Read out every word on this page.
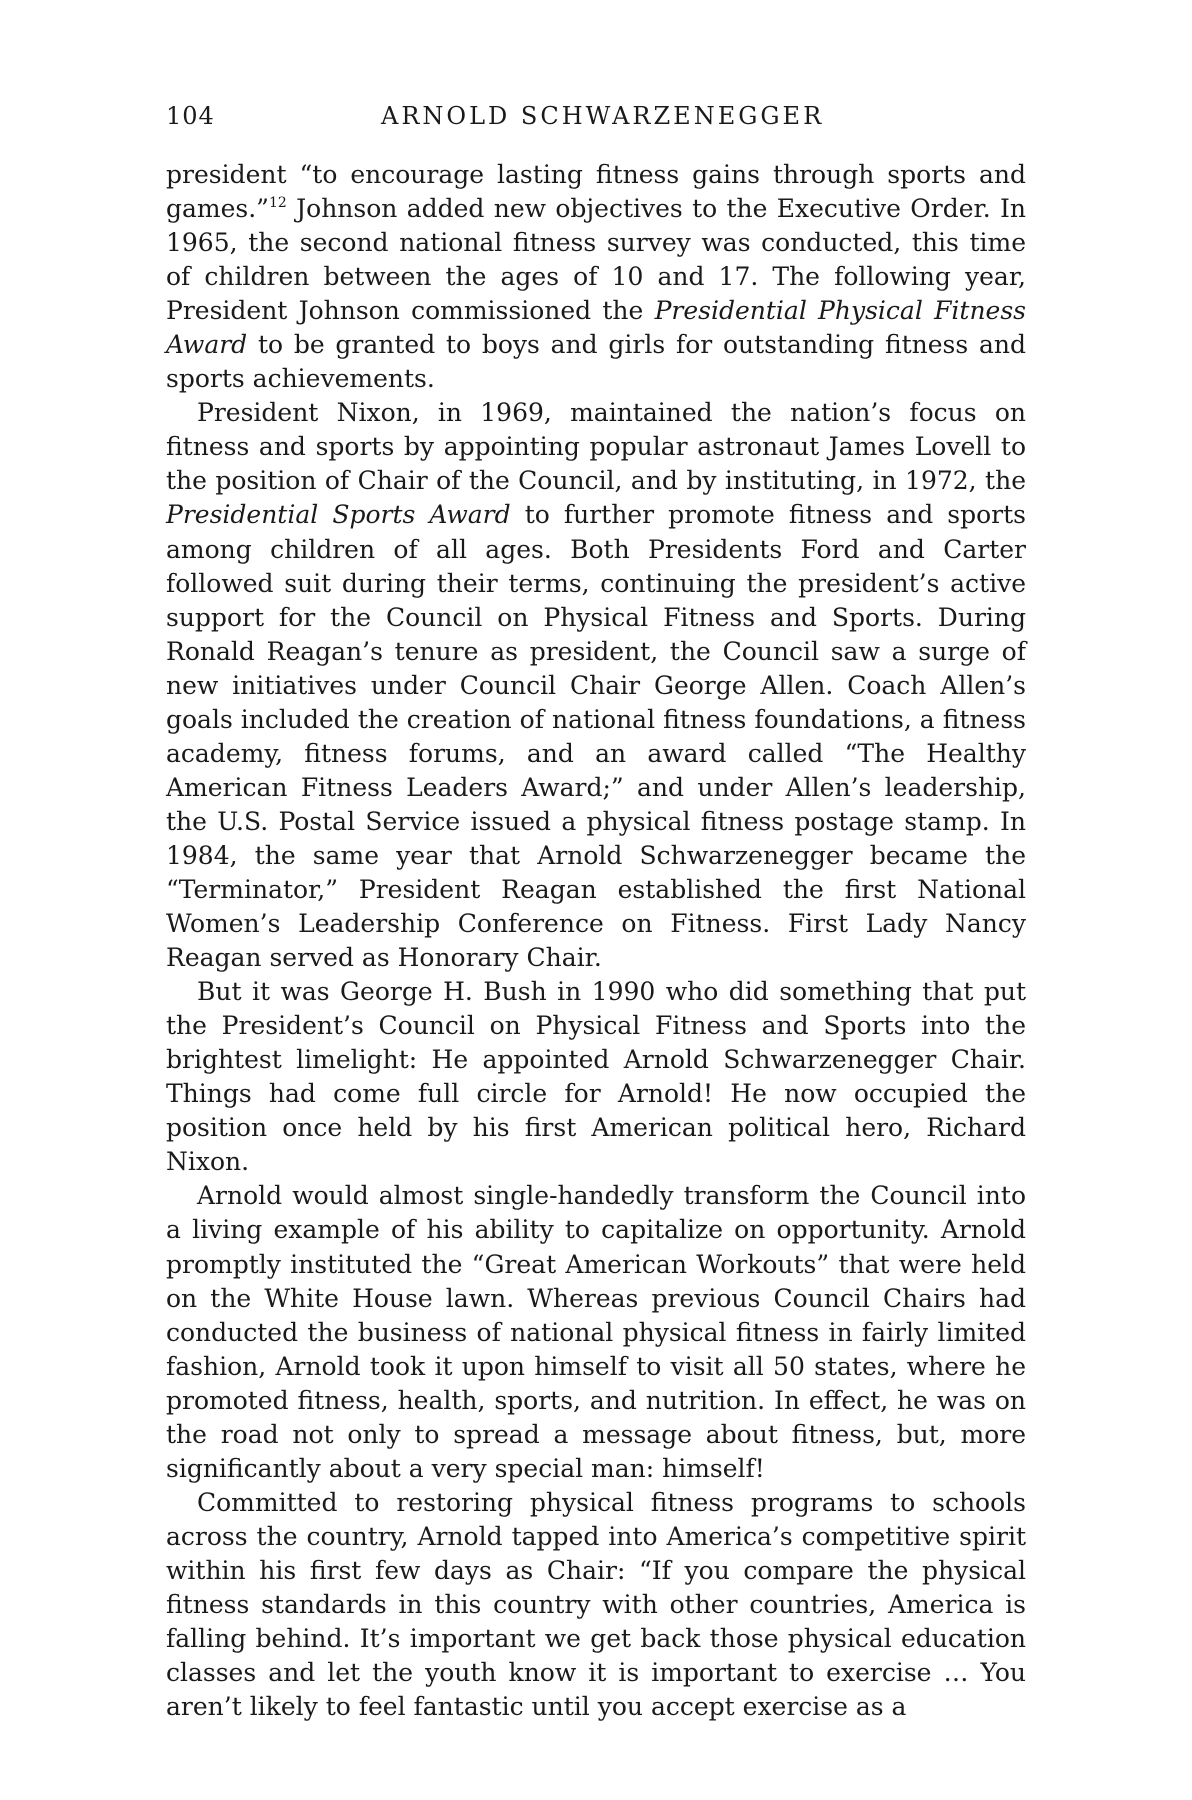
104	ARNOLD SCHWARZENEGGER

president “to encourage lasting fitness gains through sports and games.”$^{12}$ Johnson added new objectives to the Executive Order. In 1965, the second national fitness survey was conducted, this time of children between the ages of 10 and 17. The following year, President Johnson commissioned the Presidential Physical Fitness Award to be granted to boys and girls for outstanding fitness and sports achievements.

President Nixon, in 1969, maintained the nation’s focus on fitness and sports by appointing popular astronaut James Lovell to the position of Chair of the Council, and by instituting, in 1972, the Presidential Sports Award to further promote fitness and sports among children of all ages. Both Presidents Ford and Carter followed suit during their terms, continuing the president’s active support for the Council on Physical Fitness and Sports. During Ronald Reagan’s tenure as president, the Council saw a surge of new initiatives under Council Chair George Allen. Coach Allen’s goals included the creation of national fitness foundations, a fitness academy, fitness forums, and an award called “The Healthy American Fitness Leaders Award;” and under Allen’s leadership, the U.S. Postal Service issued a physical fitness postage stamp. In 1984, the same year that Arnold Schwarzenegger became the “Terminator,” President Reagan established the first National Women’s Leadership Conference on Fitness. First Lady Nancy Reagan served as Honorary Chair.

But it was George H. Bush in 1990 who did something that put the President’s Council on Physical Fitness and Sports into the brightest limelight: He appointed Arnold Schwarzenegger Chair. Things had come full circle for Arnold! He now occupied the position once held by his first American political hero, Richard Nixon.

Arnold would almost single-handedly transform the Council into a living example of his ability to capitalize on opportunity. Arnold promptly instituted the “Great American Workouts” that were held on the White House lawn. Whereas previous Council Chairs had conducted the business of national physical fitness in fairly limited fashion, Arnold took it upon himself to visit all 50 states, where he promoted fitness, health, sports, and nutrition. In effect, he was on the road not only to spread a message about fitness, but, more significantly about a very special man: himself!

Committed to restoring physical fitness programs to schools across the country, Arnold tapped into America’s competitive spirit within his first few days as Chair: “If you compare the physical fitness standards in this country with other countries, America is falling behind. It’s important we get back those physical education classes and let the youth know it is important to exercise … You aren’t likely to feel fantastic until you accept exercise as a
